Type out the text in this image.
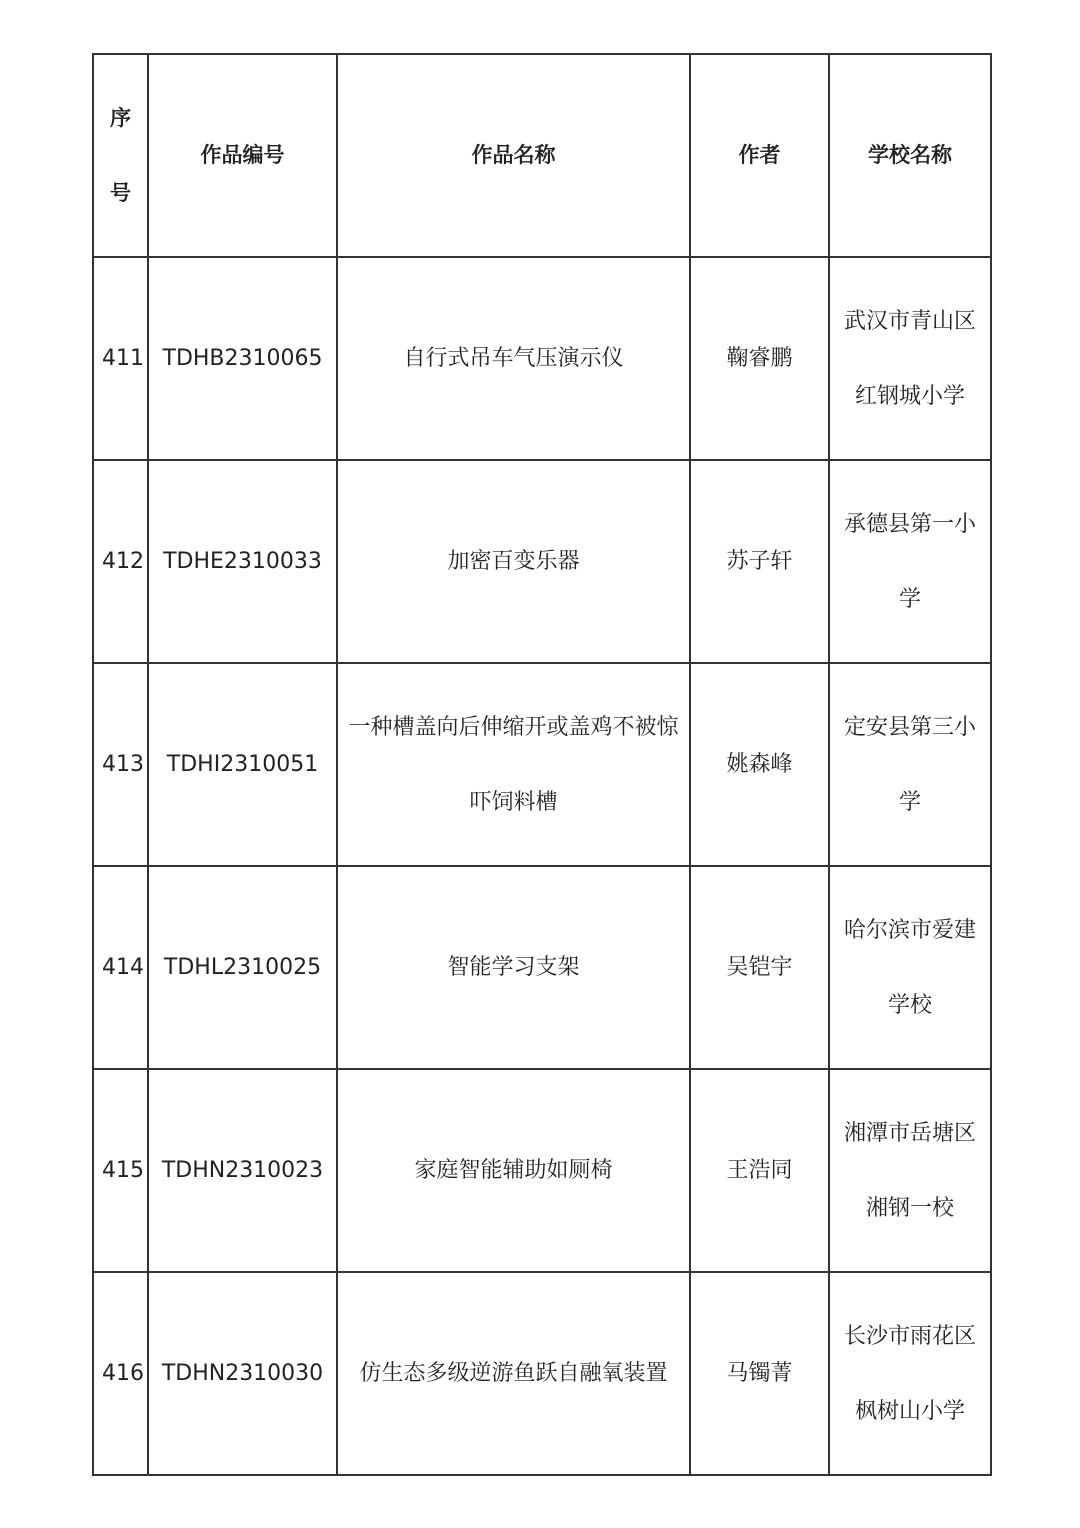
序号	作品编号	作品名称	作者	学校名称
411	TDHB2310065	自行式吊车气压演示仪	鞠睿鹏	武汉市青山区红钢城小学
412	TDHE2310033	加密百变乐器	苏子轩	承德县第一小学
413	TDHI2310051	一种槽盖向后伸缩开或盖鸡不被惊吓饲料槽	姚森峰	定安县第三小学
414	TDHL2310025	智能学习支架	吴铠宇	哈尔滨市爱建学校
415	TDHN2310023	家庭智能辅助如厕椅	王浩同	湘潭市岳塘区湘钢一校
416	TDHN2310030	仿生态多级逆游鱼跃自融氧装置	马镯菁	长沙市雨花区枫树山小学
